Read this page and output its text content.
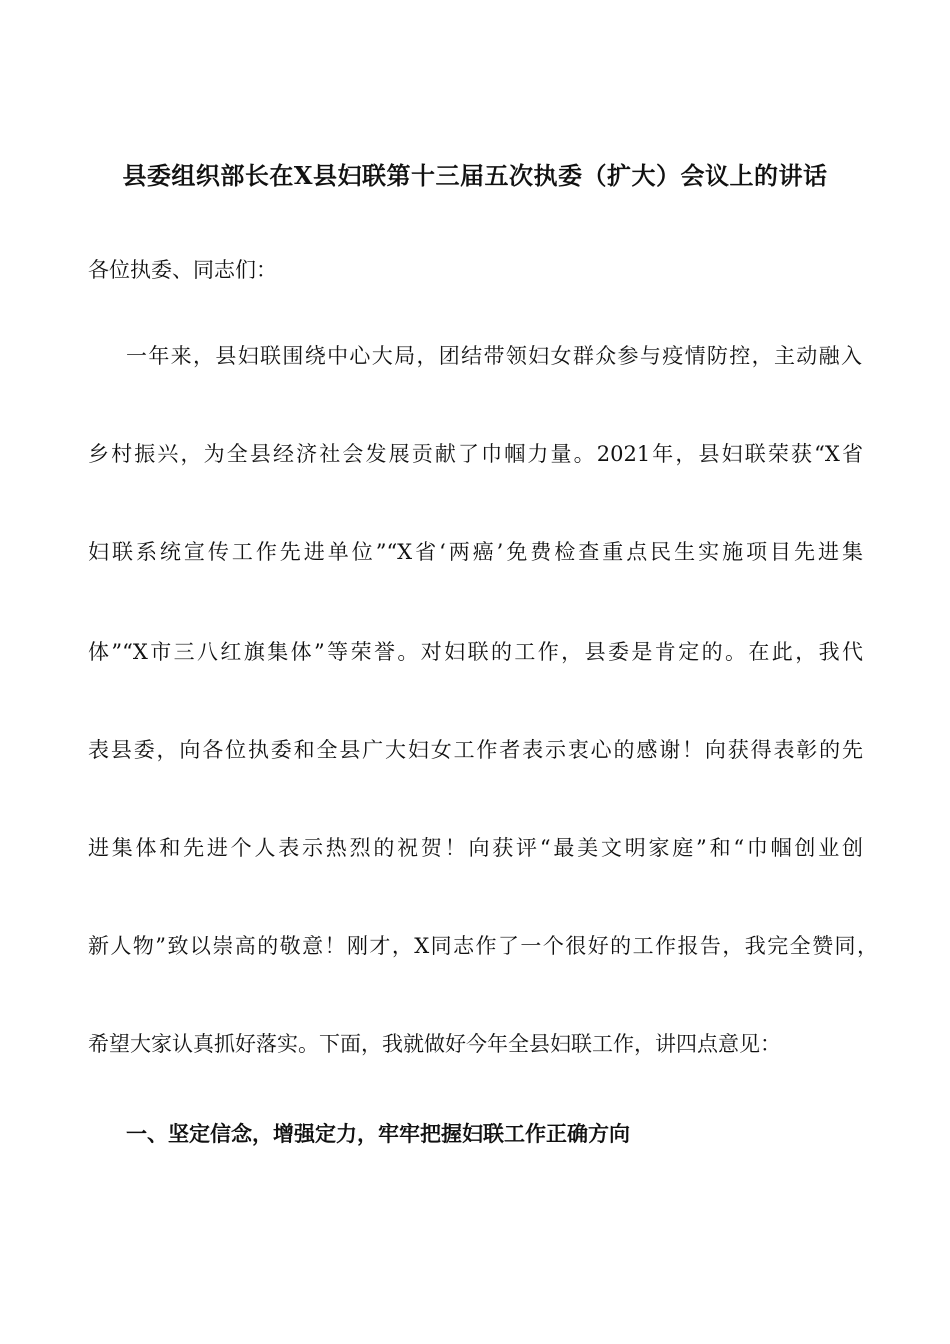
县委组织部长在X县妇联第十三届五次执委（扩大）会议上的讲话
各位执委、同志们：
一年来，县妇联围绕中心大局，团结带领妇女群众参与疫情防控，主动融入
乡村振兴，为全县经济社会发展贡献了巾帼力量。2021年，县妇联荣获“X省
妇联系统宣传工作先进单位”“X省‘两癌’免费检查重点民生实施项目先进集
体”“X市三八红旗集体”等荣誉。对妇联的工作，县委是肯定的。在此，我代
表县委，向各位执委和全县广大妇女工作者表示衷心的感谢！向获得表彰的先
进集体和先进个人表示热烈的祝贺！向获评“最美文明家庭”和“巾帼创业创
新人物”致以崇高的敬意！刚才，X同志作了一个很好的工作报告，我完全赞同，
希望大家认真抓好落实。下面，我就做好今年全县妇联工作，讲四点意见：
一、坚定信念，增强定力，牢牢把握妇联工作正确方向
